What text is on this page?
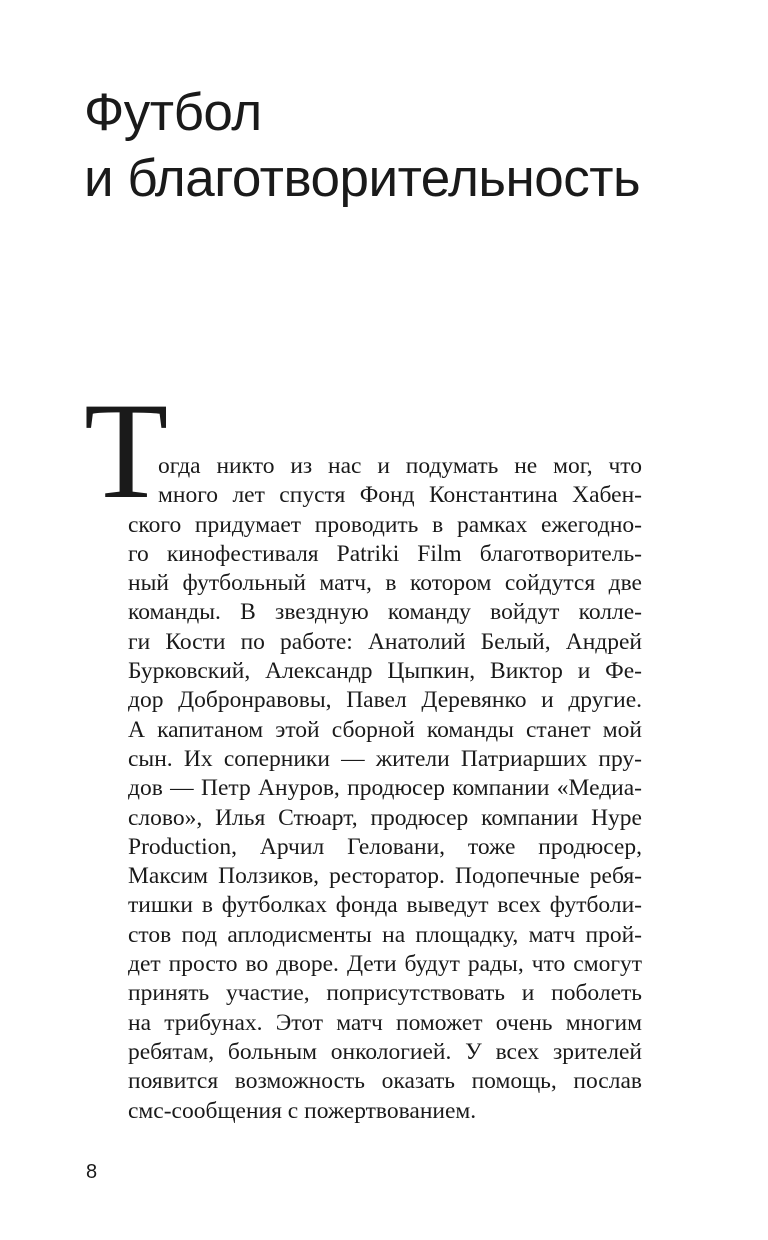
Футбол
и благотворительность
Т
огда никто из нас и подумать не мог, что
много лет спустя Фонд Константина Хабен-
ского придумает проводить в рамках ежегодно-
го кинофестиваля Patriki Film благотворитель-
ный футбольный матч, в котором сойдутся две
команды. В звездную команду войдут колле-
ги Кости по работе: Анатолий Белый, Андрей
Бурковский, Александр Цыпкин, Виктор и Фе-
дор Добронравовы, Павел Деревянко и другие.
А капитаном этой сборной команды станет мой
сын. Их соперники — жители Патриарших пру-
дов — Петр Ануров, продюсер компании «Медиа-
слово», Илья Стюарт, продюсер компании Hype
Production, Арчил Геловани, тоже продюсер,
Максим Ползиков, ресторатор. Подопечные ребя-
тишки в футболках фонда выведут всех футболи-
стов под аплодисменты на площадку, матч прой-
дет просто во дворе. Дети будут рады, что смогут
принять участие, поприсутствовать и поболеть
на трибунах. Этот матч поможет очень многим
ребятам, больным онкологией. У всех зрителей
появится возможность оказать помощь, послав
смс-сообщения с пожертвованием.
8
